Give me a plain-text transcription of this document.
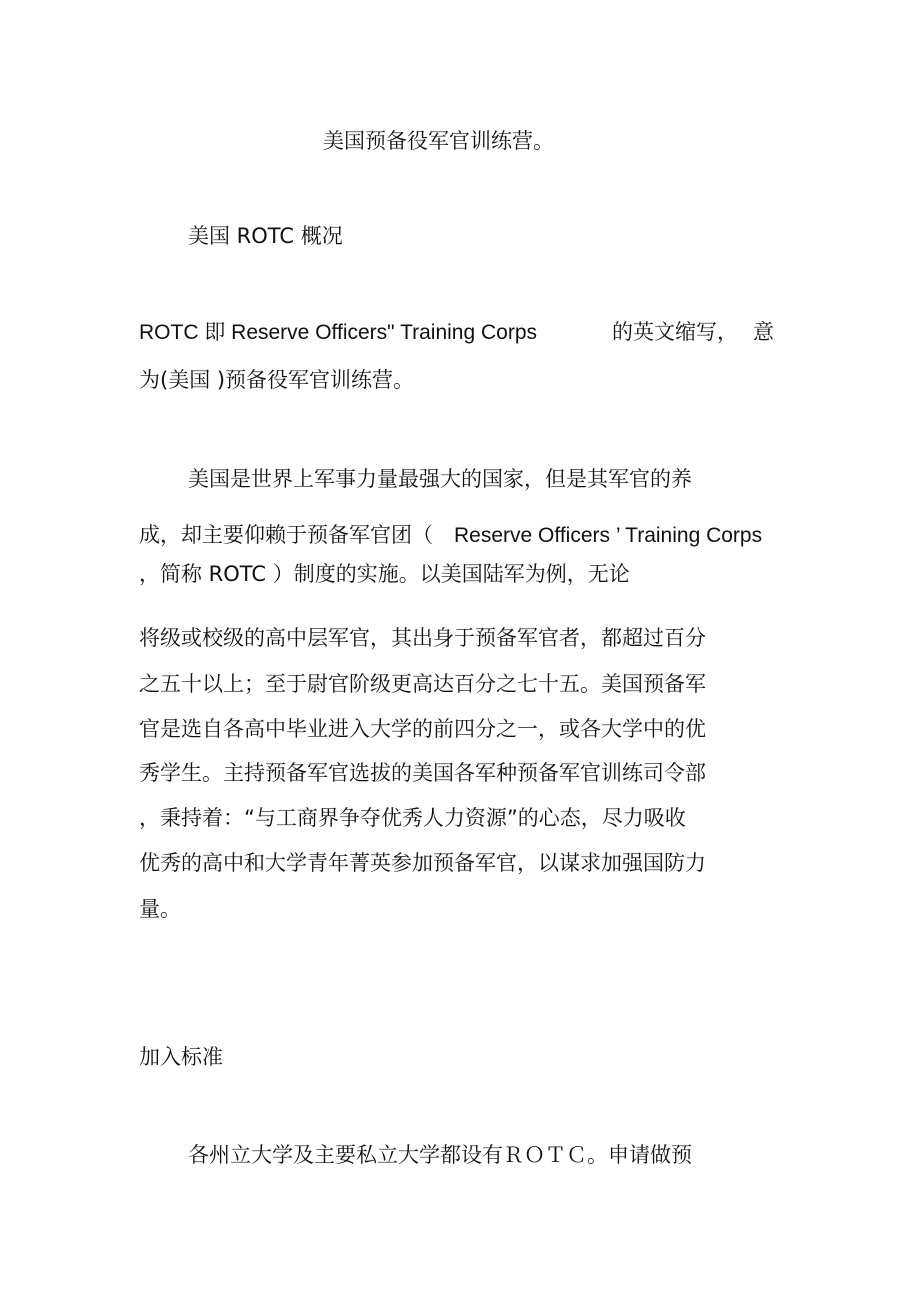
美国预备役军官训练营。
美国 ROTC 概况
ROTC 即 Reserve Officers" Training Corps	的英文缩写， 意
为(美国 )预备役军官训练营。
美国是世界上军事力量最强大的国家，但是其军官的养
成，却主要仰赖于预备军官团（ Reserve Officers ’ Training Corps
，简称 ROTC ）制度的实施。以美国陆军为例，无论
将级或校级的高中层军官，其出身于预备军官者，都超过百分
之五十以上；至于尉官阶级更高达百分之七十五。美国预备军
官是选自各高中毕业进入大学的前四分之一，或各大学中的优
秀学生。主持预备军官选拔的美国各军种预备军官训练司令部
，秉持着：“与工商界争夺优秀人力资源”的心态，尽力吸收
优秀的高中和大学青年菁英参加预备军官，以谋求加强国防力
量。
加入标准
各州立大学及主要私立大学都设有ＲＯＴＣ。申请做预
